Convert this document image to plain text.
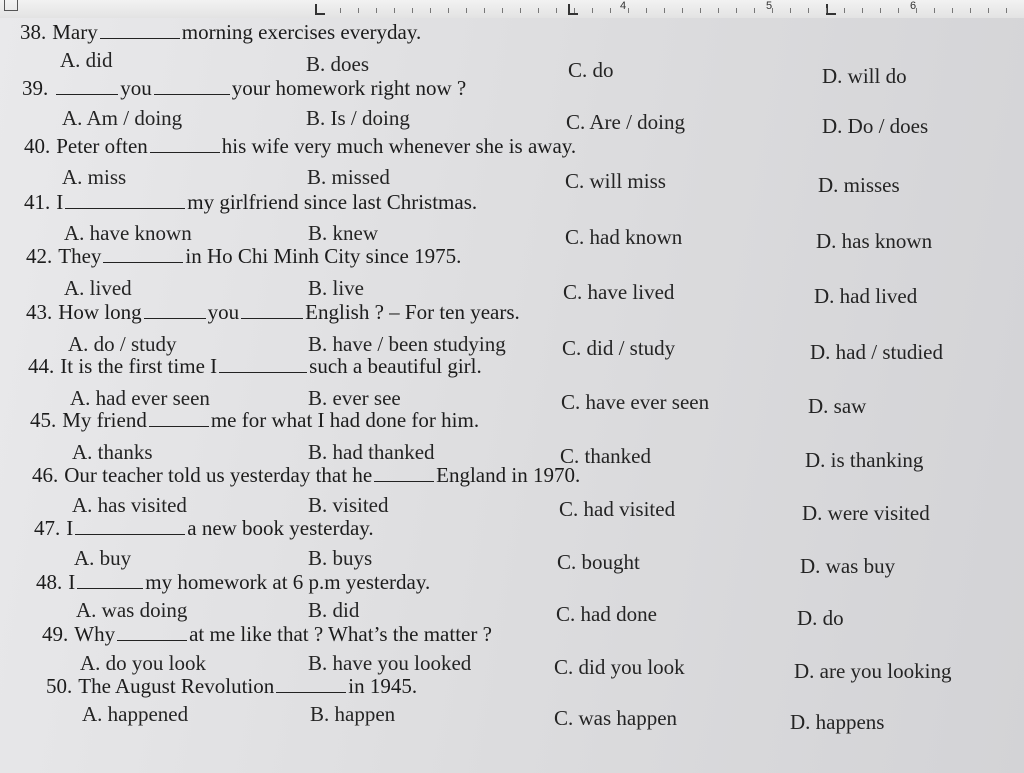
4	5	6
38. Mary	morning exercises everyday.
A. did	B. does	C. do	D. will do
39.	you	your homework right now ?
A. Am / doing	B. Is / doing	C. Are / doing	D. Do / does
40. Peter often	his wife very much whenever she is away.
A. miss	B. missed	C. will miss	D. misses
41. I	my girlfriend since last Christmas.
A. have known	B. knew	C. had known	D. has known
42. They	in Ho Chi Minh City since 1975.
A. lived	B. live	C. have lived	D. had lived
43. How long	you	English ? – For ten years.
A. do / study	B. have / been studying	C. did / study	D. had / studied
44. It is the first time I	such a beautiful girl.
A. had ever seen	B. ever see	C. have ever seen	D. saw
45. My friend	me for what I had done for him.
A. thanks	B. had thanked	C. thanked	D. is thanking
46. Our teacher told us yesterday that he	England in 1970.
A. has visited	B. visited	C. had visited	D. were visited
47. I	a new book yesterday.
A. buy	B. buys	C. bought	D. was buy
48. I	my homework at 6 p.m yesterday.
A. was doing	B. did	C. had done	D. do
49. Why	at me like that ? What’s the matter ?
A. do you look	B. have you looked	C. did you look	D. are you looking
50. The August Revolution	in 1945.
A. happened	B. happen	C. was happen	D. happens
